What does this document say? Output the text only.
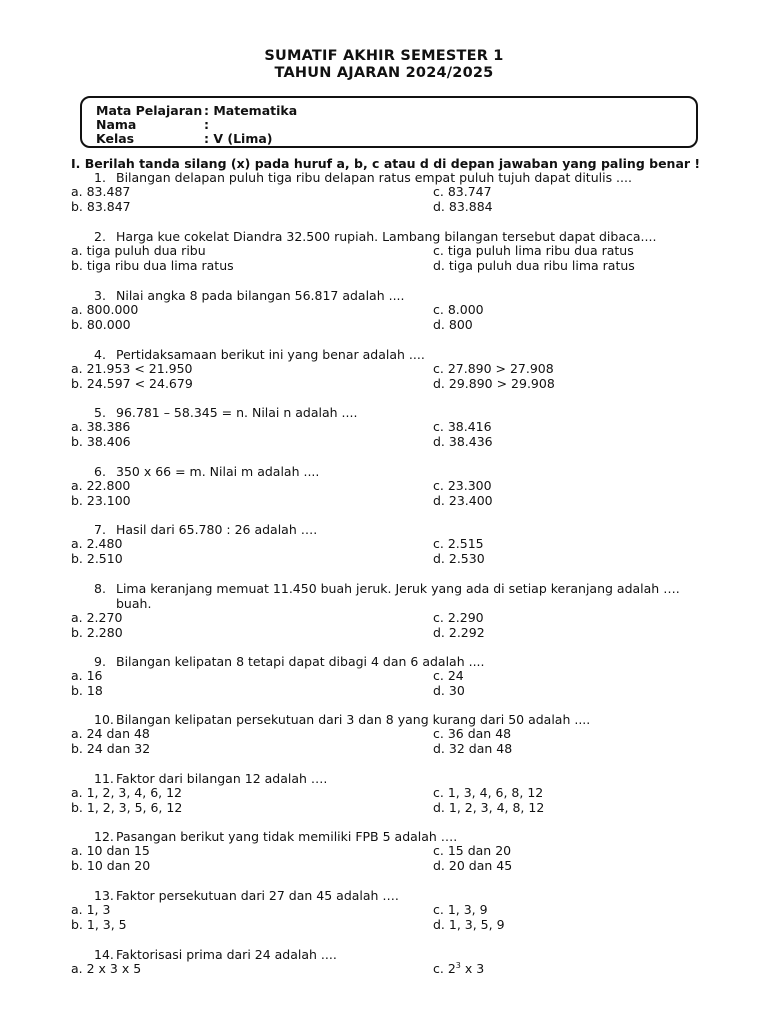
SUMATIF AKHIR SEMESTER 1
TAHUN AJARAN 2024/2025
Mata Pelajaran : Matematika
Nama	:
Kelas	: V (Lima)
I. Berilah tanda silang (x) pada huruf a, b, c atau d di depan jawaban yang paling benar !
1. Bilangan delapan puluh tiga ribu delapan ratus empat puluh tujuh dapat ditulis ....
a. 83.487	c. 83.747
b. 83.847	d. 83.884
2. Harga kue cokelat Diandra 32.500 rupiah. Lambang bilangan tersebut dapat dibaca....
a. tiga puluh dua ribu	c. tiga puluh lima ribu dua ratus
b. tiga ribu dua lima ratus	d. tiga puluh dua ribu lima ratus
3. Nilai angka 8 pada bilangan 56.817 adalah ....
a. 800.000	c. 8.000
b. 80.000	d. 800
4. Pertidaksamaan berikut ini yang benar adalah ....
a. 21.953 < 21.950	c. 27.890 > 27.908
b. 24.597 < 24.679	d. 29.890 > 29.908
5. 96.781 – 58.345 = n. Nilai n adalah ....
a. 38.386	c. 38.416
b. 38.406	d. 38.436
6. 350 x 66 = m. Nilai m adalah ....
a. 22.800	c. 23.300
b. 23.100	d. 23.400
7. Hasil dari 65.780 : 26 adalah ….
a. 2.480	c. 2.515
b. 2.510	d. 2.530
8. Lima keranjang memuat 11.450 buah jeruk. Jeruk yang ada di setiap keranjang adalah ….
buah.
a. 2.270	c. 2.290
b. 2.280	d. 2.292
9. Bilangan kelipatan 8 tetapi dapat dibagi 4 dan 6 adalah ....
a. 16	c. 24
b. 18	d. 30
10. Bilangan kelipatan persekutuan dari 3 dan 8 yang kurang dari 50 adalah ....
a. 24 dan 48	c. 36 dan 48
b. 24 dan 32	d. 32 dan 48
11. Faktor dari bilangan 12 adalah ….
a. 1, 2, 3, 4, 6, 12	c. 1, 3, 4, 6, 8, 12
b. 1, 2, 3, 5, 6, 12	d. 1, 2, 3, 4, 8, 12
12. Pasangan berikut yang tidak memiliki FPB 5 adalah ….
a. 10 dan 15	c. 15 dan 20
b. 10 dan 20	d. 20 dan 45
13. Faktor persekutuan dari 27 dan 45 adalah ….
a. 1, 3	c. 1, 3, 9
b. 1, 3, 5	d. 1, 3, 5, 9
14. Faktorisasi prima dari 24 adalah ....
a. 2 x 3 x 5	c. $2^3$ x 3
